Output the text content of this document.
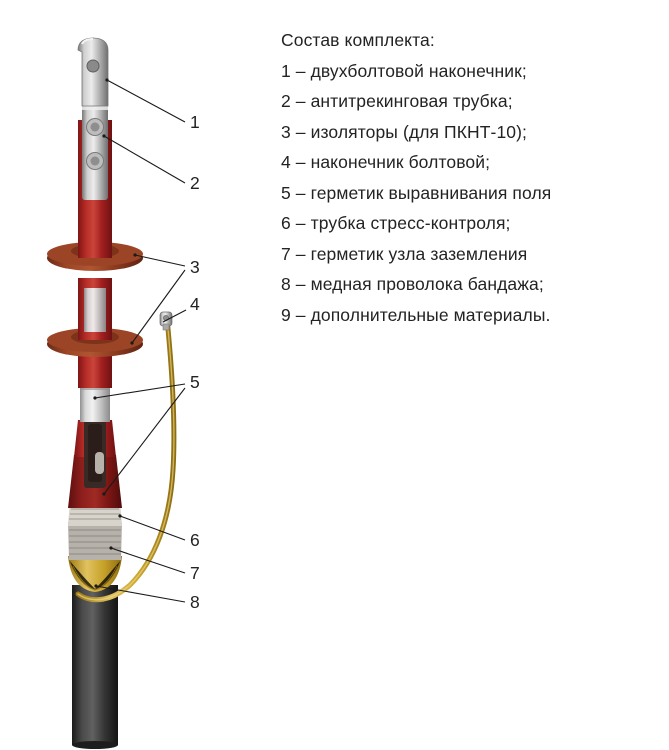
1
2
3
4
5
6
7
8
Состав комплекта:
1 – двухболтовой наконечник;
2 – антитрекинговая трубка;
3 – изоляторы (для ПКНТ-10);
4 – наконечник болтовой;
5 – герметик выравнивания поля
6 – трубка стресс-контроля;
7 – герметик узла заземления
8 – медная проволока бандажа;
9 – дополнительные материалы.
